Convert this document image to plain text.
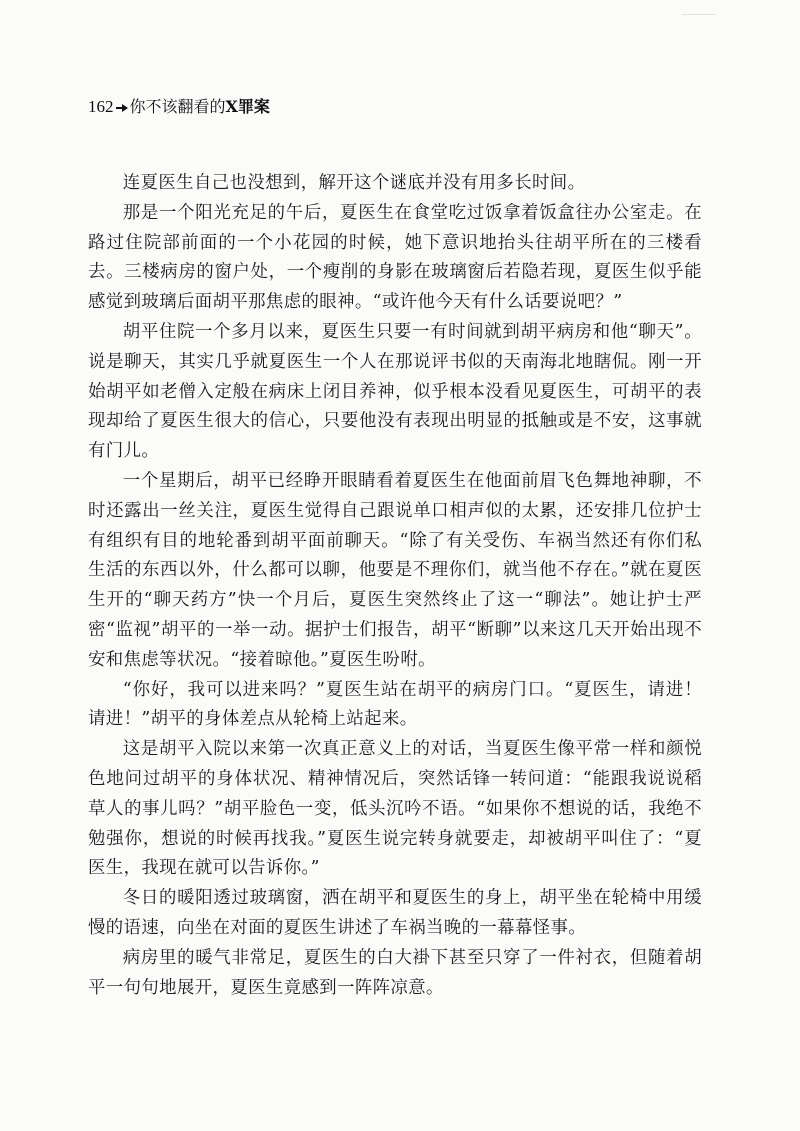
162 你不该翻看的X罪案

连夏医生自己也没想到，解开这个谜底并没有用多长时间。

那是一个阳光充足的午后，夏医生在食堂吃过饭拿着饭盒往办公室走。在路过住院部前面的一个小花园的时候，她下意识地抬头往胡平所在的三楼看去。三楼病房的窗户处，一个瘦削的身影在玻璃窗后若隐若现，夏医生似乎能感觉到玻璃后面胡平那焦虑的眼神。“或许他今天有什么话要说吧？”

胡平住院一个多月以来，夏医生只要一有时间就到胡平病房和他“聊天”。说是聊天，其实几乎就夏医生一个人在那说评书似的天南海北地瞎侃。刚一开始胡平如老僧入定般在病床上闭目养神，似乎根本没看见夏医生，可胡平的表现却给了夏医生很大的信心，只要他没有表现出明显的抵触或是不安，这事就有门儿。

一个星期后，胡平已经睁开眼睛看着夏医生在他面前眉飞色舞地神聊，不时还露出一丝关注，夏医生觉得自己跟说单口相声似的太累，还安排几位护士有组织有目的地轮番到胡平面前聊天。“除了有关受伤、车祸当然还有你们私生活的东西以外，什么都可以聊，他要是不理你们，就当他不存在。”就在夏医生开的“聊天药方”快一个月后，夏医生突然终止了这一“聊法”。她让护士严密“监视”胡平的一举一动。据护士们报告，胡平“断聊”以来这几天开始出现不安和焦虑等状况。“接着晾他。”夏医生吩咐。

“你好，我可以进来吗？”夏医生站在胡平的病房门口。“夏医生，请进！请进！”胡平的身体差点从轮椅上站起来。

这是胡平入院以来第一次真正意义上的对话，当夏医生像平常一样和颜悦色地问过胡平的身体状况、精神情况后，突然话锋一转问道：“能跟我说说稻草人的事儿吗？”胡平脸色一变，低头沉吟不语。“如果你不想说的话，我绝不勉强你，想说的时候再找我。”夏医生说完转身就要走，却被胡平叫住了：“夏医生，我现在就可以告诉你。”

冬日的暖阳透过玻璃窗，洒在胡平和夏医生的身上，胡平坐在轮椅中用缓慢的语速，向坐在对面的夏医生讲述了车祸当晚的一幕幕怪事。

病房里的暖气非常足，夏医生的白大褂下甚至只穿了一件衬衣，但随着胡平一句句地展开，夏医生竟感到一阵阵凉意。
